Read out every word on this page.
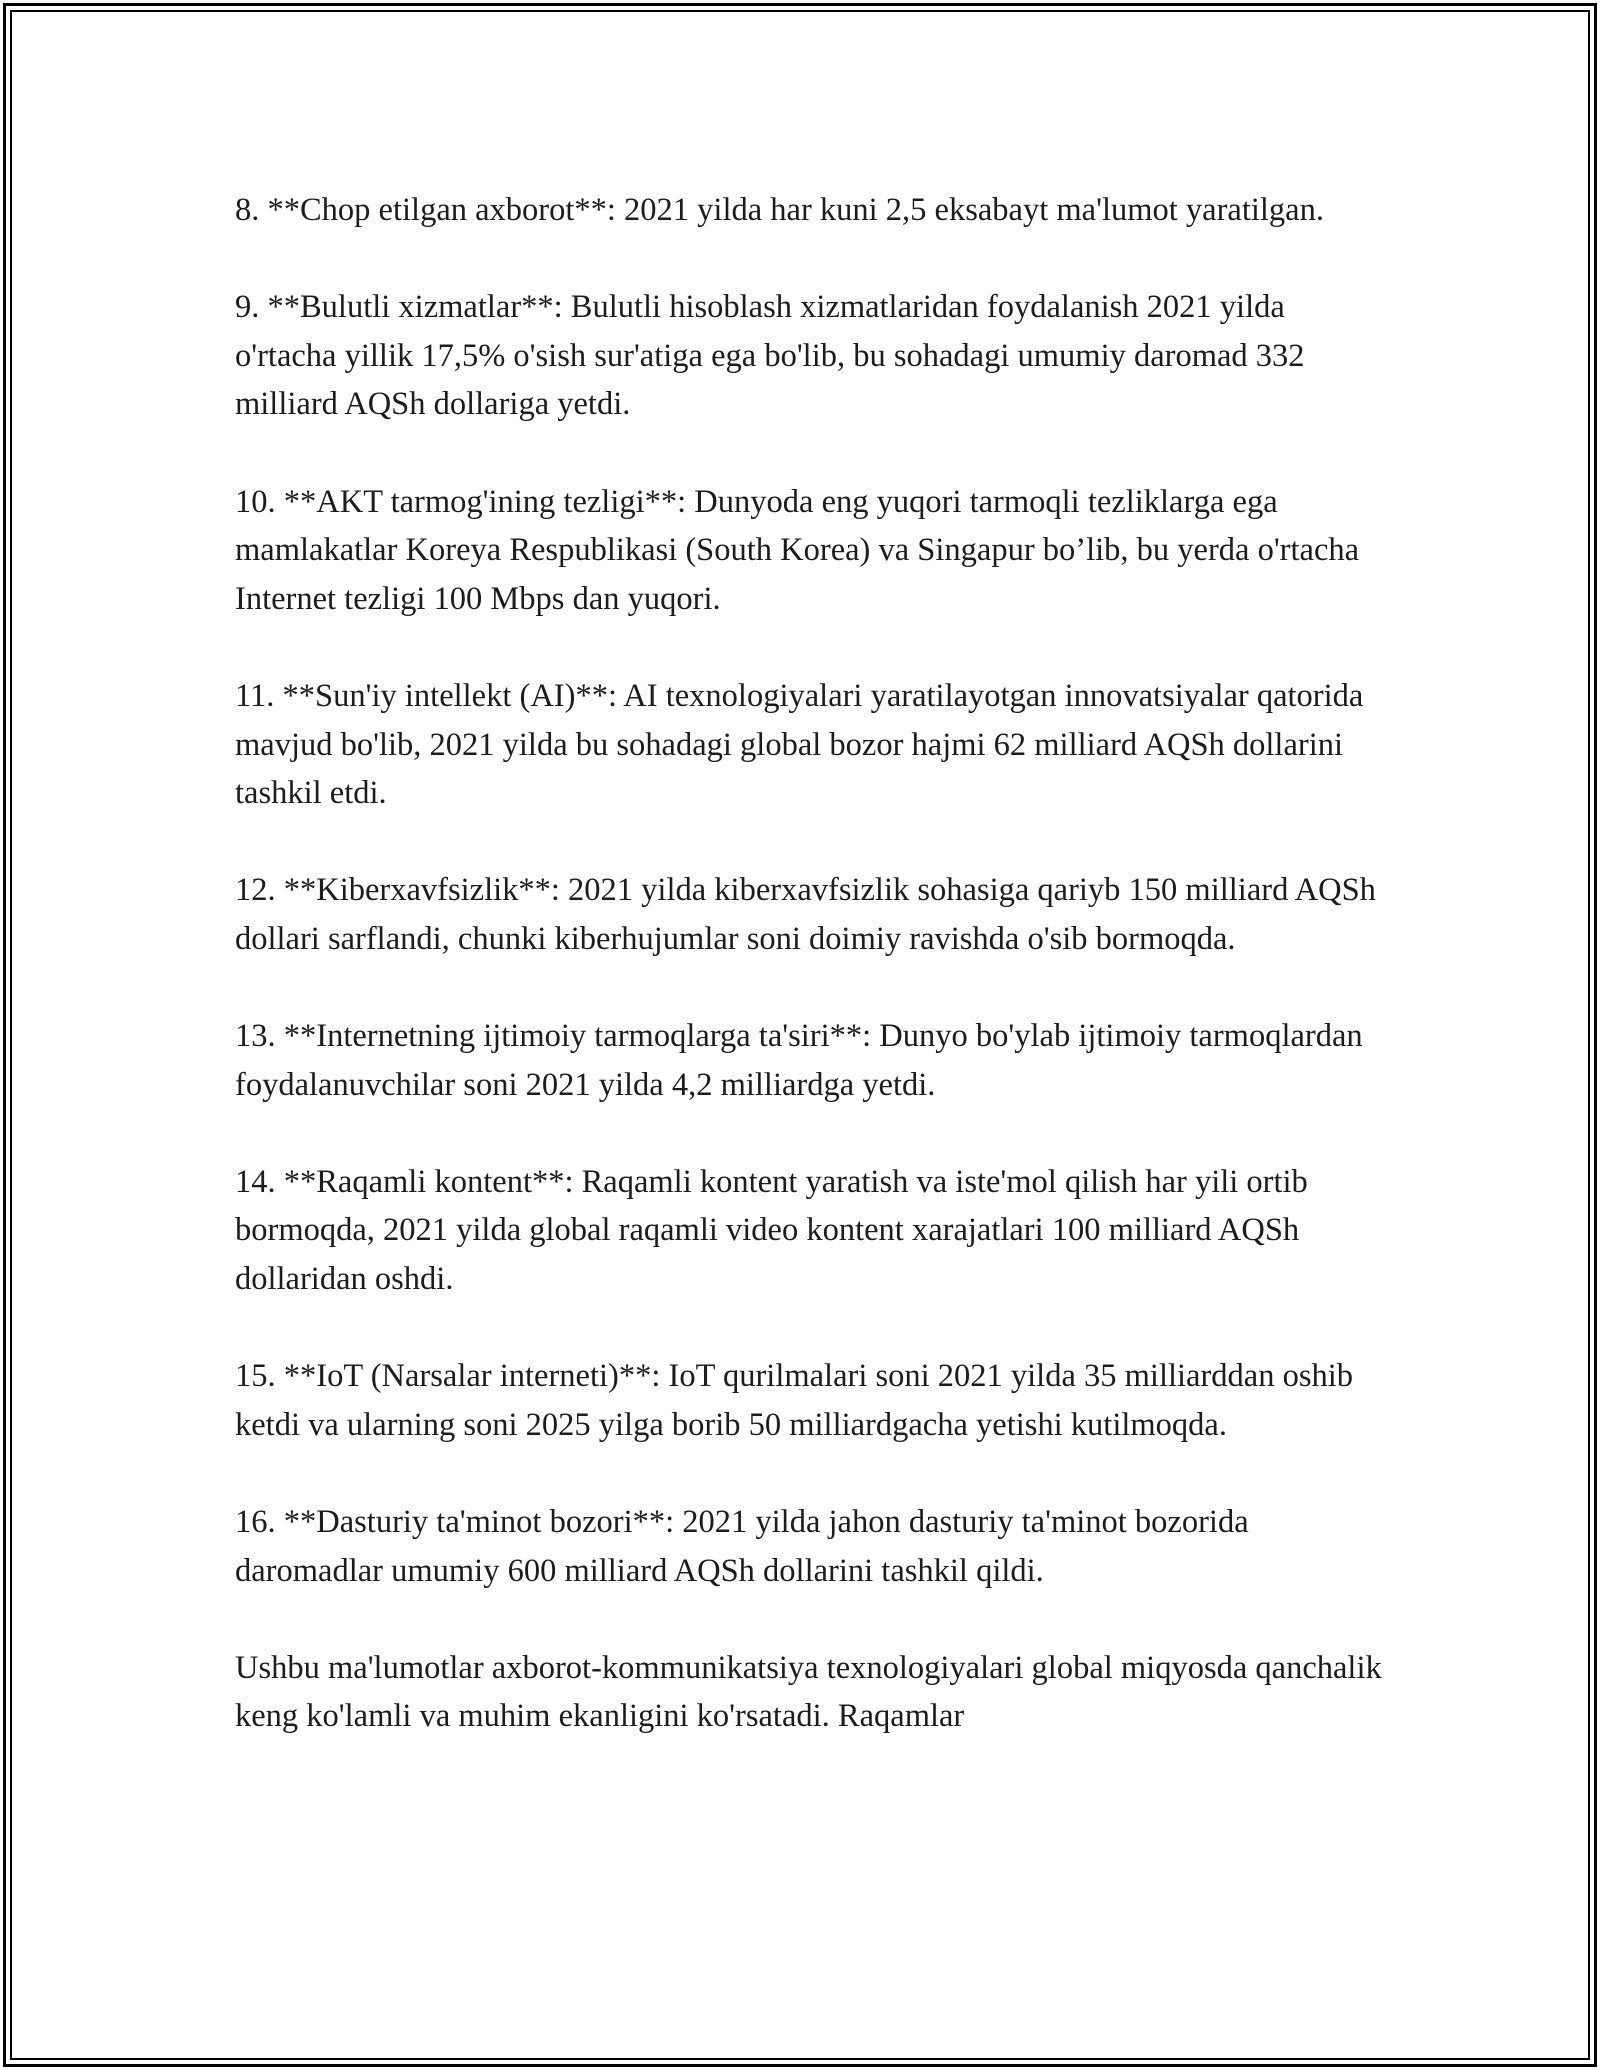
8. **Chop etilgan axborot**: 2021 yilda har kuni 2,5 eksabayt ma'lumot yaratilgan.

9. **Bulutli xizmatlar**: Bulutli hisoblash xizmatlaridan foydalanish 2021 yilda o'rtacha yillik 17,5% o'sish sur'atiga ega bo'lib, bu sohadagi umumiy daromad 332 milliard AQSh dollariga yetdi.

10. **AKT tarmog'ining tezligi**: Dunyoda eng yuqori tarmoqli tezliklarga ega mamlakatlar Koreya Respublikasi (South Korea) va Singapur bo’lib, bu yerda o'rtacha Internet tezligi 100 Mbps dan yuqori.

11. **Sun'iy intellekt (AI)**: AI texnologiyalari yaratilayotgan innovatsiyalar qatorida mavjud bo'lib, 2021 yilda bu sohadagi global bozor hajmi 62 milliard AQSh dollarini tashkil etdi.

12. **Kiberxavfsizlik**: 2021 yilda kiberxavfsizlik sohasiga qariyb 150 milliard AQSh dollari sarflandi, chunki kiberhujumlar soni doimiy ravishda o'sib bormoqda.

13. **Internetning ijtimoiy tarmoqlarga ta'siri**: Dunyo bo'ylab ijtimoiy tarmoqlardan foydalanuvchilar soni 2021 yilda 4,2 milliardga yetdi.

14. **Raqamli kontent**: Raqamli kontent yaratish va iste'mol qilish har yili ortib bormoqda, 2021 yilda global raqamli video kontent xarajatlari 100 milliard AQSh dollaridan oshdi.

15. **IoT (Narsalar interneti)**: IoT qurilmalari soni 2021 yilda 35 milliarddan oshib ketdi va ularning soni 2025 yilga borib 50 milliardgacha yetishi kutilmoqda.

16. **Dasturiy ta'minot bozori**: 2021 yilda jahon dasturiy ta'minot bozorida daromadlar umumiy 600 milliard AQSh dollarini tashkil qildi.

Ushbu ma'lumotlar axborot-kommunikatsiya texnologiyalari global miqyosda qanchalik keng ko'lamli va muhim ekanligini ko'rsatadi. Raqamlar
